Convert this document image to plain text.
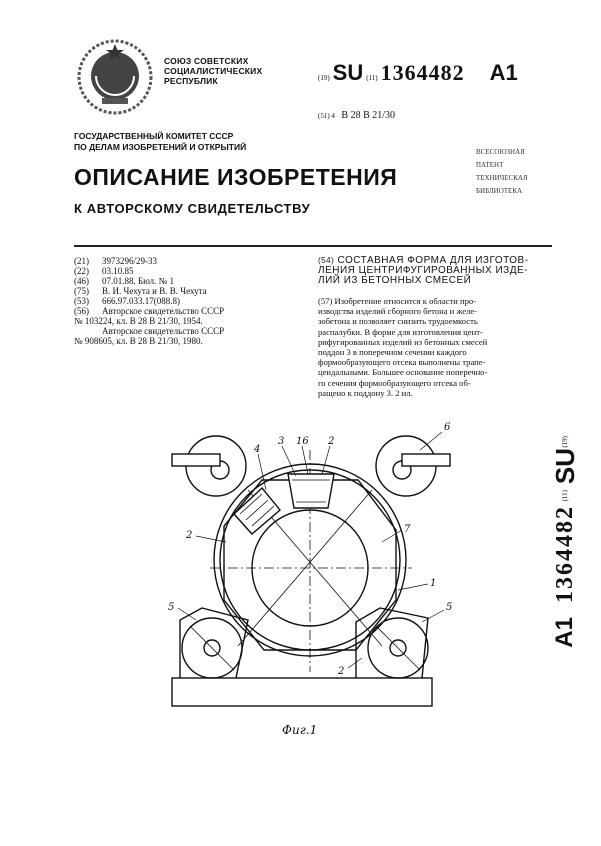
СОЮЗ СОВЕТСКИХ
СОЦИАЛИСТИЧЕСКИХ
РЕСПУБЛИК	(19) SU (11) 1364482 A1
(51) 4 В 28 В 21/30
ГОСУДАРСТВЕННЫЙ КОМИТЕТ СССР
ПО ДЕЛАМ ИЗОБРЕТЕНИЙ И ОТКРЫТИЙ
ВСЕСОЮЗНАЯ
ПАТЕНТ
ТЕХНИЧЕСКАЯ
БИБЛИОТЕКА
ОПИСАНИЕ ИЗОБРЕТЕНИЯ
К АВТОРСКОМУ СВИДЕТЕЛЬСТВУ
(21)	3973296/29-33
(22)	03.10.85
(46)	07.01.88. Бюл. № 1
(75)	В. И. Чехута и В. В. Чехута
(53)	666.97.033.17(088.8)
(56)	Авторское свидетельство СССР
№ 103224, кл. В 28 В 21/30, 1954.
Авторское свидетельство СССР
№ 908605, кл. В 28 В 21/30, 1980.
(54) СОСТАВНАЯ ФОРМА ДЛЯ ИЗГОТОВ-
ЛЕНИЯ ЦЕНТРИФУГИРОВАННЫХ ИЗДЕ-
ЛИЙ ИЗ БЕТОННЫХ СМЕСЕЙ
(57) Изобретение относится к области про-
изводства изделий сборного бетона и желе-
зобетона и позволяет снизить трудоемкость
распалубки. В форме для изготовления цент-
рифугированных изделий из бетонных смесей
поддон 3 в поперечном сечении каждого
формообразующего отсека выполнены трапе-
цеидальными. Большее основание поперечно-
го сечения формообразующего отсека об-
ращено к поддону 3. 2 ил.
4
3 16 2
6
7
2
1
5	5
2
Фиг.1
(19)
SU
(11)
1364482
A1
